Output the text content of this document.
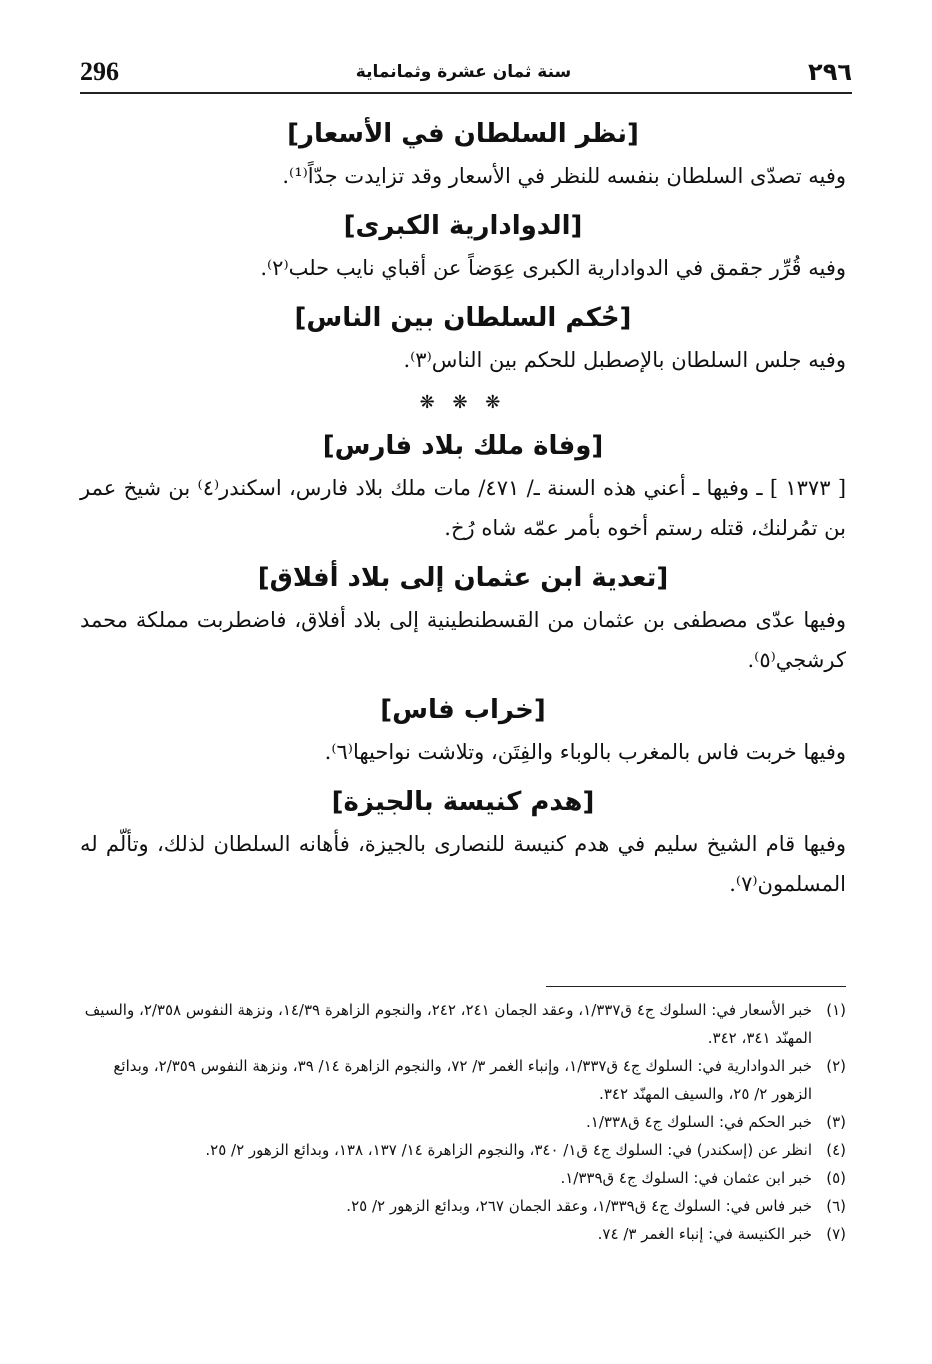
296	سنة ثمان عشرة وثمانماية	٢٩٦
[نظر السلطان في الأسعار]

وفيه تصدّى السلطان بنفسه للنظر في الأسعار وقد تزايدت جدّاً⁽¹⁾.

[الدوادارية الكبرى]

وفيه قُرِّر جقمق في الدوادارية الكبرى عِوَضاً عن أقباي نايب حلب⁽٢⁾.

[حُكم السلطان بين الناس]

وفيه جلس السلطان بالإصطبل للحكم بين الناس⁽٣⁾.

❋ ❋ ❋
[وفاة ملك بلاد فارس]

[ ١٣٧٣ ] ـ وفيها ـ أعني هذه السنة ـ/ ٤٧١/ مات ملك بلاد فارس، اسكندر⁽٤⁾ بن شيخ عمر بن تمُرلنك، قتله رستم أخوه بأمر عمّه شاه رُخ.

[تعدية ابن عثمان إلى بلاد أفلاق]

وفيها عدّى مصطفى بن عثمان من القسطنطينية إلى بلاد أفلاق، فاضطربت مملكة محمد كرشجي⁽٥⁾.

[خراب فاس]

وفيها خربت فاس بالمغرب بالوباء والفِتَن، وتلاشت نواحيها⁽٦⁾.

[هدم كنيسة بالجيزة]

وفيها قام الشيخ سليم في هدم كنيسة للنصارى بالجيزة، فأهانه السلطان لذلك، وتألّم له المسلمون⁽٧⁾.

(١)
خبر الأسعار في: السلوك ج٤ ق١/٣٣٧، وعقد الجمان ٢٤١، ٢٤٢، والنجوم الزاهرة ١٤/٣٩، ونزهة النفوس ٢/٣٥٨، والسيف المهنّد ٣٤١، ٣٤٢.
(٢)
خبر الدوادارية في: السلوك ج٤ ق١/٣٣٧، وإنباء الغمر ٣/ ٧٢، والنجوم الزاهرة ١٤/ ٣٩، ونزهة النفوس ٢/٣٥٩، وبدائع الزهور ٢/ ٢٥، والسيف المهنّد ٣٤٢.
(٣)
خبر الحكم في: السلوك ج٤ ق١/٣٣٨.
(٤)
انظر عن (إسكندر) في: السلوك ج٤ ق١/ ٣٤٠، والنجوم الزاهرة ١٤/ ١٣٧، ١٣٨، وبدائع الزهور ٢/ ٢٥.
(٥)
خبر ابن عثمان في: السلوك ج٤ ق١/٣٣٩.
(٦)
خبر فاس في: السلوك ج٤ ق١/٣٣٩، وعقد الجمان ٢٦٧، وبدائع الزهور ٢/ ٢٥.
(٧)
خبر الكنيسة في: إنباء الغمر ٣/ ٧٤.
